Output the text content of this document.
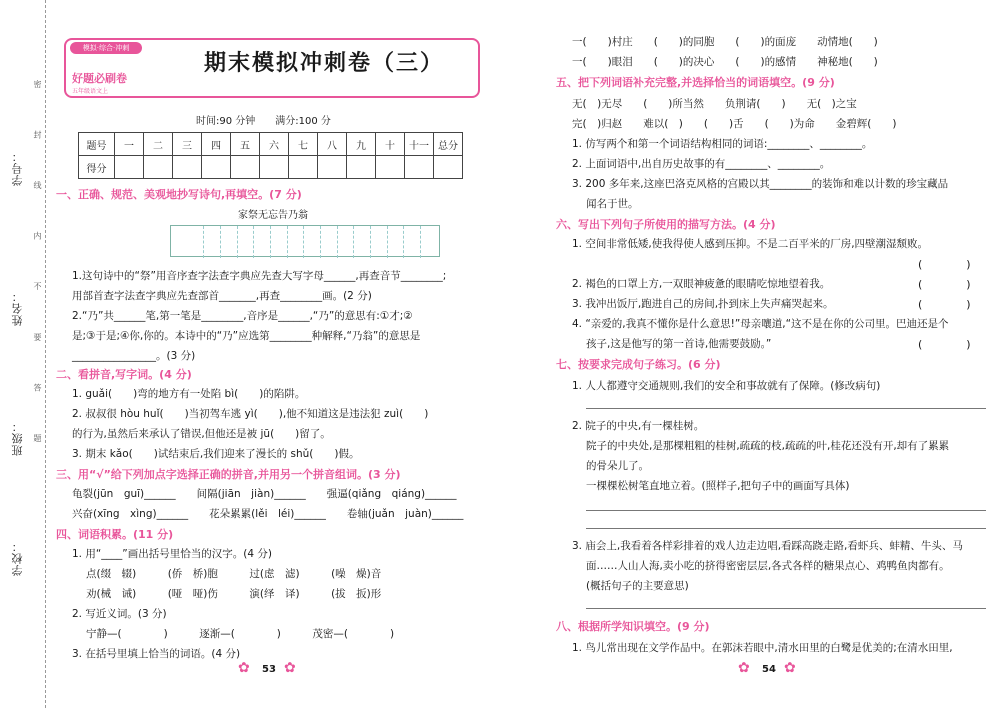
学校：
班级：
姓名：
学号： 密 封 线 内 不 要 答 题
模拟·综合·冲刺
好题必刷卷
五年级语文上
期末模拟冲刺卷（三）
时间:90 分钟　　满分:100 分
题号	一	二	三	四	五	六	七	八	九	十	十一	总分
得分												
一、正确、规范、美观地抄写诗句,再填空。(7 分)
家祭无忘告乃翁
1.这句诗中的“祭”用音序查字法查字典应先查大写字母______,再查音节________;
用部首查字法查字典应先查部首_______,再查________画。(2 分)
2.“乃”共______笔,第一笔是________,音序是______,“乃”的意思有:①才;②
是;③于是;④你,你的。本诗中的“乃”应选第________种解释,“乃翁”的意思是
________________。(3 分)
二、看拼音,写字词。(4 分)
1. guǎi(　　)弯的地方有一处陷 bì(　　)的陷阱。
2. 叔叔很 hòu huǐ(　　)当初驾车逃 yì(　　),他不知道这是违法犯 zuì(　　)
的行为,虽然后来承认了错误,但他还是被 jū(　　)留了。
3. 期末 kǎo(　　)试结束后,我们迎来了漫长的 shǔ(　　)假。
三、用“√”给下列加点字选择正确的拼音,并用另一个拼音组词。(3 分)
龟裂(jūn　guī)______　　间隔(jiān　jiàn)______　　强逼(qiǎng　qiáng)______
兴奋(xīng　xìng)______　　花朵累累(lěi　léi)______　　卷轴(juǎn　juàn)______
四、词语积累。(11 分)
1. 用“____”画出括号里恰当的汉字。(4 分)
点(缀　辍)　　　(侨　桥)胞　　　过(虑　滤)　　　(噪　燥)音
劝(械　诫)　　　(哑　哑)伤　　　演(绎　译)　　　(拔　扳)形
2. 写近义词。(3 分)
宁静—(　　　　)　　　逐渐—(　　　　)　　　茂密—(　　　　)
3. 在括号里填上恰当的词语。(4 分)
✿ 53 ✿
一(　　)村庄　　(　　)的同胞　　(　　)的面庞　　动情地(　　)
一(　　)眼泪　　(　　)的决心　　(　　)的感情　　神秘地(　　)
五、把下列词语补充完整,并选择恰当的词语填空。(9 分)
无(　)无尽　　(　　)所当然　　负荆请(　　)　　无(　)之宝
完(　)归赵　　难以(　)　　(　　)舌　　(　　)为命　　金碧辉(　　)
1. 仿写两个和第一个词语结构相同的词语:________、________。
2. 上面词语中,出自历史故事的有________、________。
3. 200 多年来,这座巴洛克风格的宫殿以其________的装饰和难以计数的珍宝藏品
闻名于世。
六、写出下列句子所使用的描写方法。(4 分)
1. 空间非常低矮,使我得使人感到压抑。不是二百平米的厂房,四壁潮湿颓败。
(　　　　)
2. 褐色的口罩上方,一双眼神疲惫的眼睛吃惊地望着我。	(　　　　)
3. 我冲出饭厅,跑进自己的房间,扑到床上失声痛哭起来。	(　　　　)
4. “亲爱的,我真不懂你是什么意思!”母亲嚷道,“这不是在你的公司里。巴迪还是个
孩子,这是他写的第一首诗,他需要鼓励。”	(　　　　)
七、按要求完成句子练习。(6 分)
1. 人人都遵守交通规则,我们的安全和事故就有了保障。(修改病句)
2. 院子的中央,有一棵桂树。
院子的中央处,是那棵粗粗的桂树,疏疏的枝,疏疏的叶,桂花还没有开,却有了累累
的骨朵儿了。
一棵棵松树笔直地立着。(照样子,把句子中的画面写具体)
3. 庙会上,我看着各样彩排着的戏人边走边唱,看踩高跷走路,看虾兵、蚌精、牛头、马
面……人山人海,卖小吃的挤得密密层层,各式各样的糖果点心、鸡鸭鱼肉都有。
(概括句子的主要意思)
八、根据所学知识填空。(9 分)
1. 鸟儿常出现在文学作品中。在郭沫若眼中,清水田里的白鹭是优美的;在清水田里,
✿ 54 ✿
